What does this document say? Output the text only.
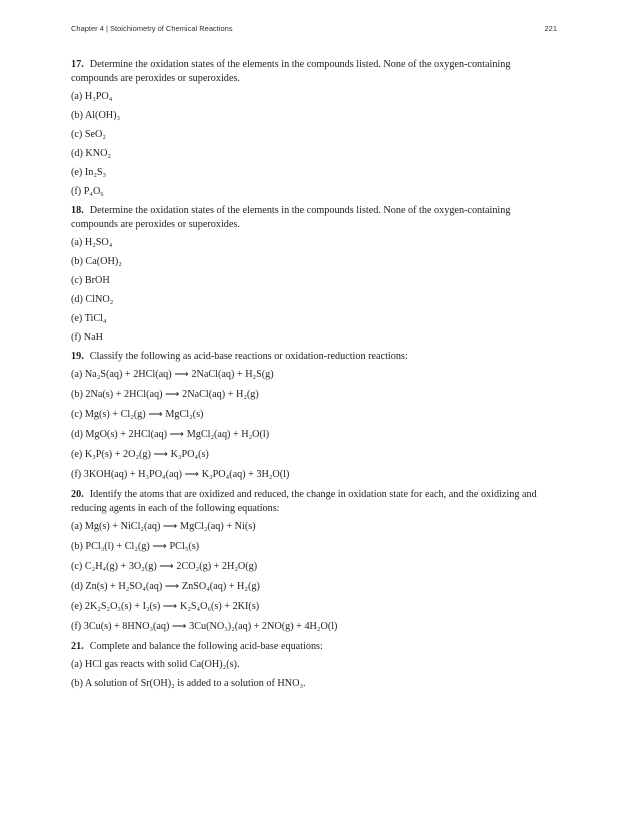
Chapter 4 | Stoichiometry of Chemical Reactions	221
17. Determine the oxidation states of the elements in the compounds listed. None of the oxygen-containing compounds are peroxides or superoxides.
(a) H₃PO₄
(b) Al(OH)₃
(c) SeO₂
(d) KNO₂
(e) In₂S₃
(f) P₄O₆
18. Determine the oxidation states of the elements in the compounds listed. None of the oxygen-containing compounds are peroxides or superoxides.
(a) H₂SO₄
(b) Ca(OH)₂
(c) BrOH
(d) ClNO₂
(e) TiCl₄
(f) NaH
19. Classify the following as acid-base reactions or oxidation-reduction reactions:
(a) Na₂S(aq) + 2HCl(aq) ⟶ 2NaCl(aq) + H₂S(g)
(b) 2Na(s) + 2HCl(aq) ⟶ 2NaCl(aq) + H₂(g)
(c) Mg(s) + Cl₂(g) ⟶ MgCl₂(s)
(d) MgO(s) + 2HCl(aq) ⟶ MgCl₂(aq) + H₂O(l)
(e) K₃P(s) + 2O₂(g) ⟶ K₃PO₄(s)
(f) 3KOH(aq) + H₃PO₄(aq) ⟶ K₃PO₄(aq) + 3H₂O(l)
20. Identify the atoms that are oxidized and reduced, the change in oxidation state for each, and the oxidizing and reducing agents in each of the following equations:
(a) Mg(s) + NiCl₂(aq) ⟶ MgCl₂(aq) + Ni(s)
(b) PCl₃(l) + Cl₂(g) ⟶ PCl₅(s)
(c) C₂H₄(g) + 3O₂(g) ⟶ 2CO₂(g) + 2H₂O(g)
(d) Zn(s) + H₂SO₄(aq) ⟶ ZnSO₄(aq) + H₂(g)
(e) 2K₂S₂O₃(s) + I₂(s) ⟶ K₂S₄O₆(s) + 2KI(s)
(f) 3Cu(s) + 8HNO₃(aq) ⟶ 3Cu(NO₃)₂(aq) + 2NO(g) + 4H₂O(l)
21. Complete and balance the following acid-base equations:
(a) HCl gas reacts with solid Ca(OH)₂(s).
(b) A solution of Sr(OH)₂ is added to a solution of HNO₃.
